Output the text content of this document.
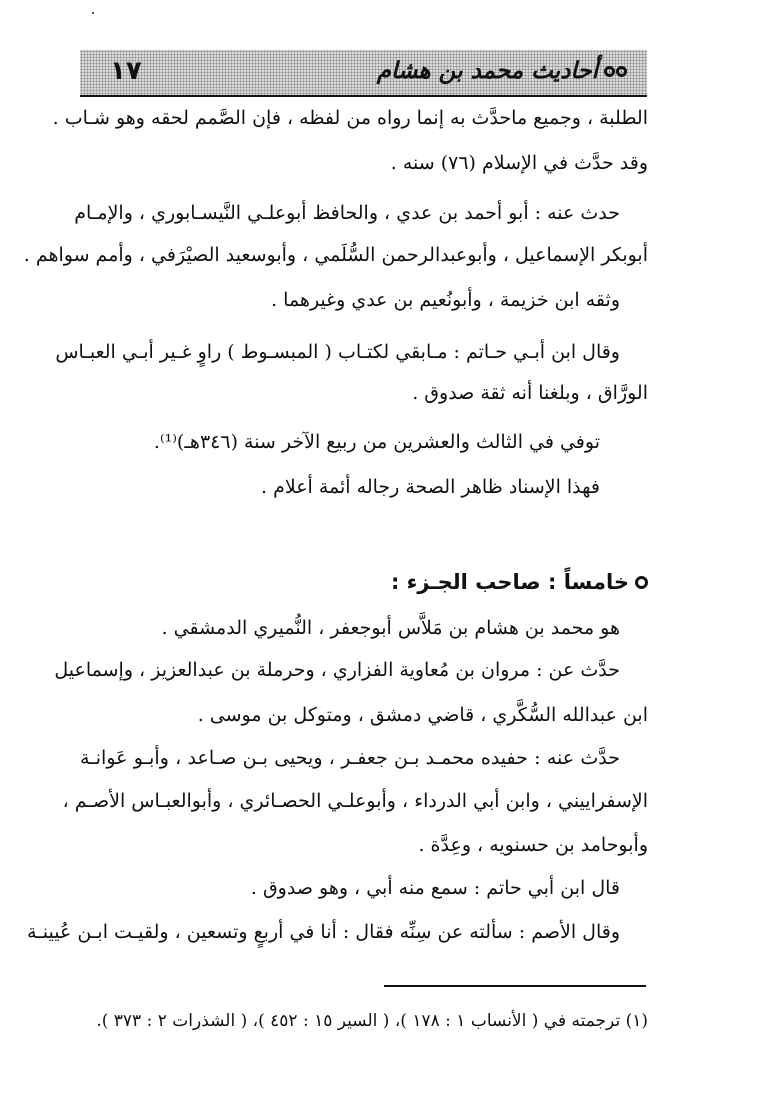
١٧	أحاديث محمد بن هشام
الطلبة ، وجميع ماحدَّث به إنما رواه من لفظه ، فإن الصَّمم لحقه وهو شـاب .
وقد حدَّث في الإسلام (٧٦) سنه .
حدث عنه : أبو أحمد بن عدي ، والحافظ أبوعلـي النَّيسـابوري ، والإمـام
أبوبكر الإسماعيل ، وأبوعبدالرحمن السُّلَمي ، وأبوسعيد الصيْرَفي ، وأمم سواهم .
وثقه ابن خزيمة ، وأبونُعيم بن عدي وغيرهما .
وقال ابن أبـي حـاتم : مـابقي لكتـاب ( المبسـوط ) راوٍ غـير أبـي العبـاس
الورَّاق ، وبلغنا أنه ثقة صدوق .
توفي في الثالث والعشرين من ربيع الآخر سنة (٣٤٦هـ)⁽¹⁾.
فهذا الإسناد ظاهر الصحة رجاله أئمة أعلام .
خامساً : صاحب الجـزء :
هو محمد بن هشام بن مَلاَّس أبوجعفر ، النُّميري الدمشقي .
حدَّث عن : مروان بن مُعاوية الفزاري ، وحرملة بن عبدالعزيز ، وإسماعيل
ابن عبدالله السُّكَّري ، قاضي دمشق ، ومتوكل بن موسى .
حدَّث عنه : حفيده محمـد بـن جعفـر ، ويحيى بـن صـاعد ، وأبـو عَوانـة
الإسفراييني ، وابن أبي الدرداء ، وأبوعلـي الحصـائري ، وأبوالعبـاس الأصـم ،
وأبوحامد بن حسنويه ، وعِدَّة .
قال ابن أبي حاتم : سمع منه أبي ، وهو صدوق .
وقال الأصم : سألته عن سِنِّه فقال : أنا في أربعٍ وتسعين ، ولقيـت ابـن عُيينـة
(١) ترجمته في ( الأنساب ١ : ١٧٨ )، ( السير ١٥ : ٤٥٢ )، ( الشذرات ٢ : ٣٧٣ ).
